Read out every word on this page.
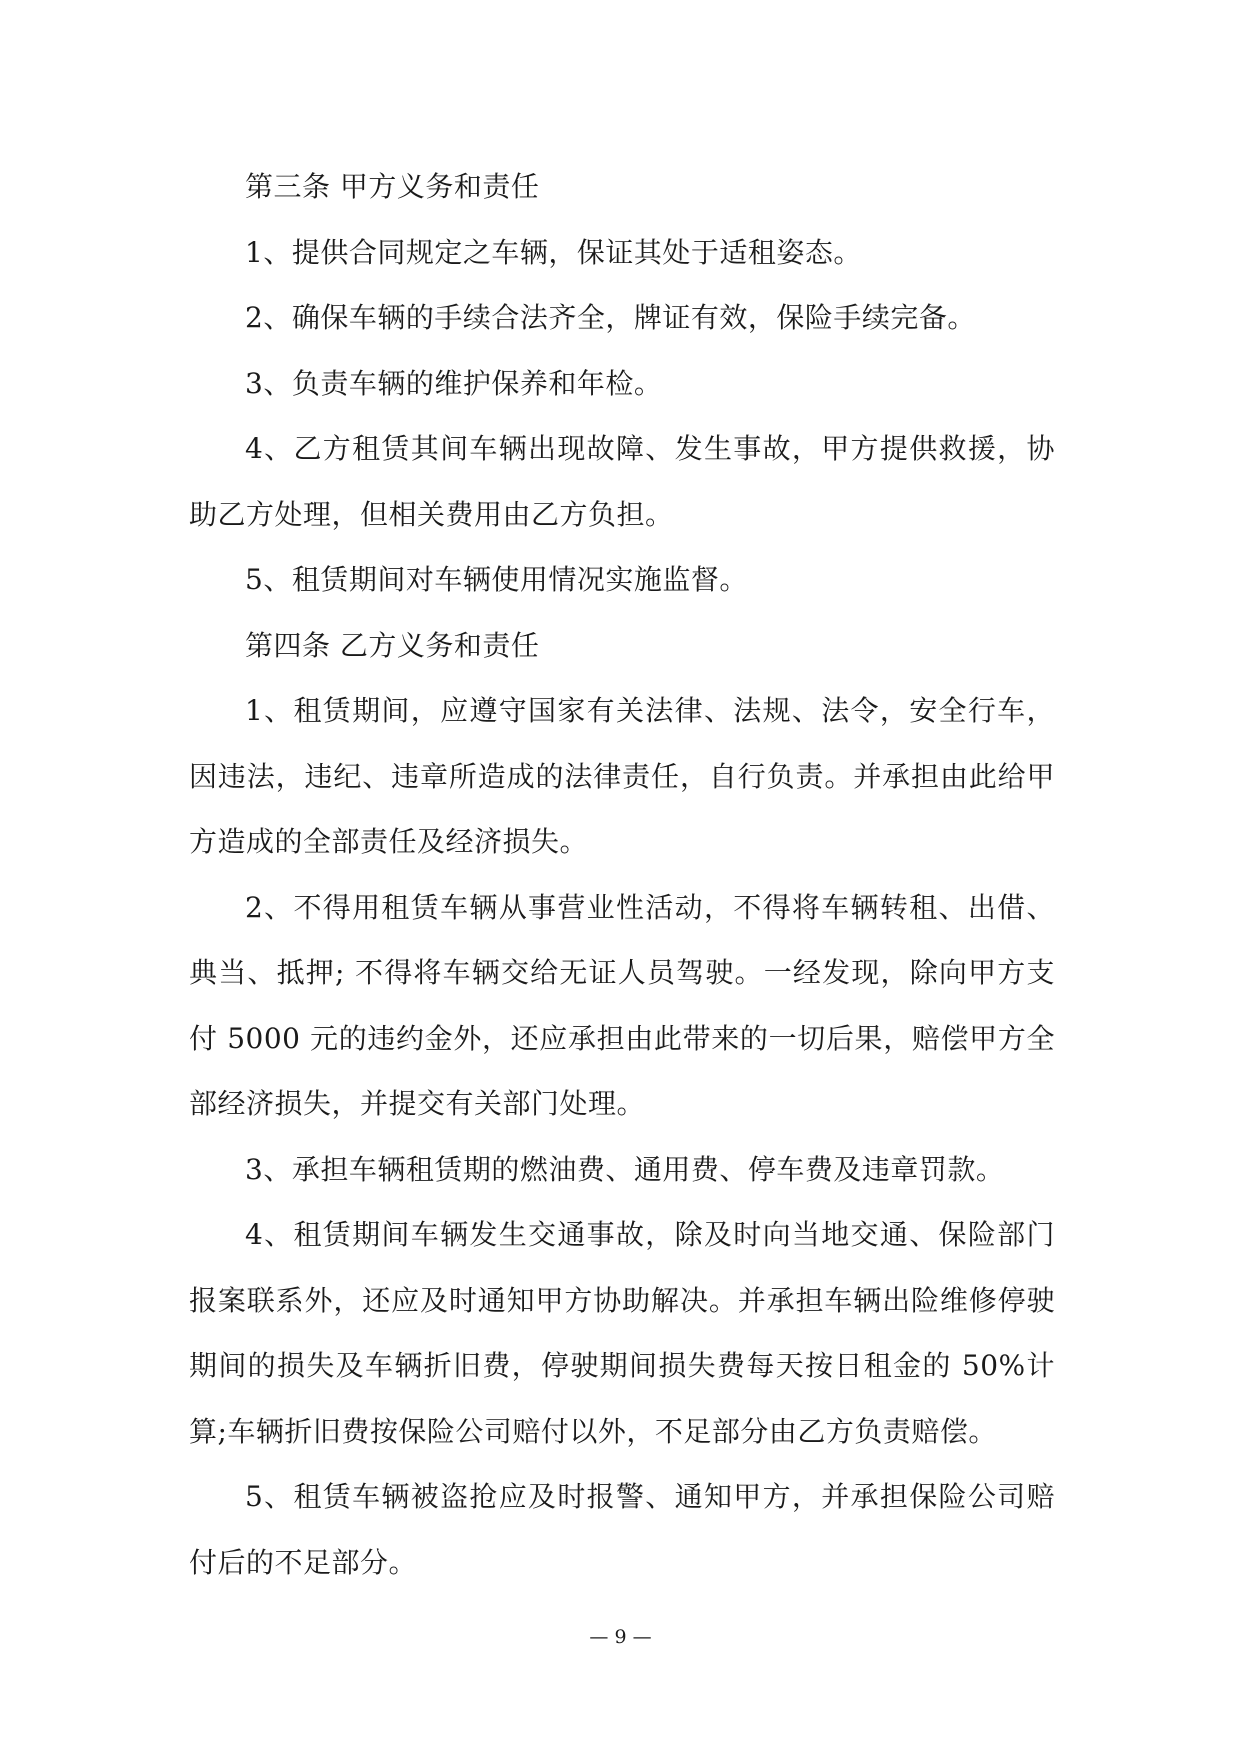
第三条 甲方义务和责任

1、提供合同规定之车辆，保证其处于适租姿态。

2、确保车辆的手续合法齐全，牌证有效，保险手续完备。

3、负责车辆的维护保养和年检。

4、乙方租赁其间车辆出现故障、发生事故，甲方提供救援，协助乙方处理，但相关费用由乙方负担。

5、租赁期间对车辆使用情况实施监督。

第四条 乙方义务和责任

1、租赁期间，应遵守国家有关法律、法规、法令，安全行车，因违法，违纪、违章所造成的法律责任，自行负责。并承担由此给甲方造成的全部责任及经济损失。

2、不得用租赁车辆从事营业性活动，不得将车辆转租、出借、典当、抵押; 不得将车辆交给无证人员驾驶。一经发现，除向甲方支付 5000 元的违约金外，还应承担由此带来的一切后果，赔偿甲方全部经济损失，并提交有关部门处理。

3、承担车辆租赁期的燃油费、通用费、停车费及违章罚款。

4、租赁期间车辆发生交通事故，除及时向当地交通、保险部门报案联系外，还应及时通知甲方协助解决。并承担车辆出险维修停驶期间的损失及车辆折旧费，停驶期间损失费每天按日租金的 50%计算;车辆折旧费按保险公司赔付以外，不足部分由乙方负责赔偿。

5、租赁车辆被盗抢应及时报警、通知甲方，并承担保险公司赔付后的不足部分。

— 9 —
